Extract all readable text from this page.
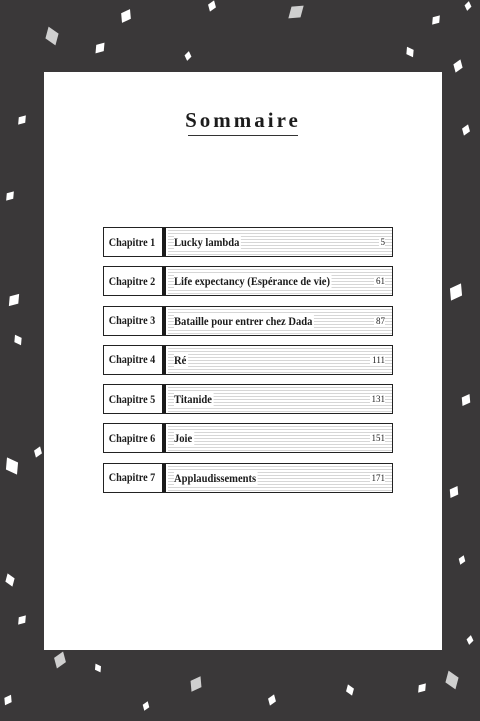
Sommaire
Chapitre 1 Lucky lambda	5
Chapitre 2 Life expectancy (Espérance de vie)	61
Chapitre 3 Bataille pour entrer chez Dada	87
Chapitre 4 Ré	111
Chapitre 5 Titanide	131
Chapitre 6 Joie	151
Chapitre 7 Applaudissements	171
